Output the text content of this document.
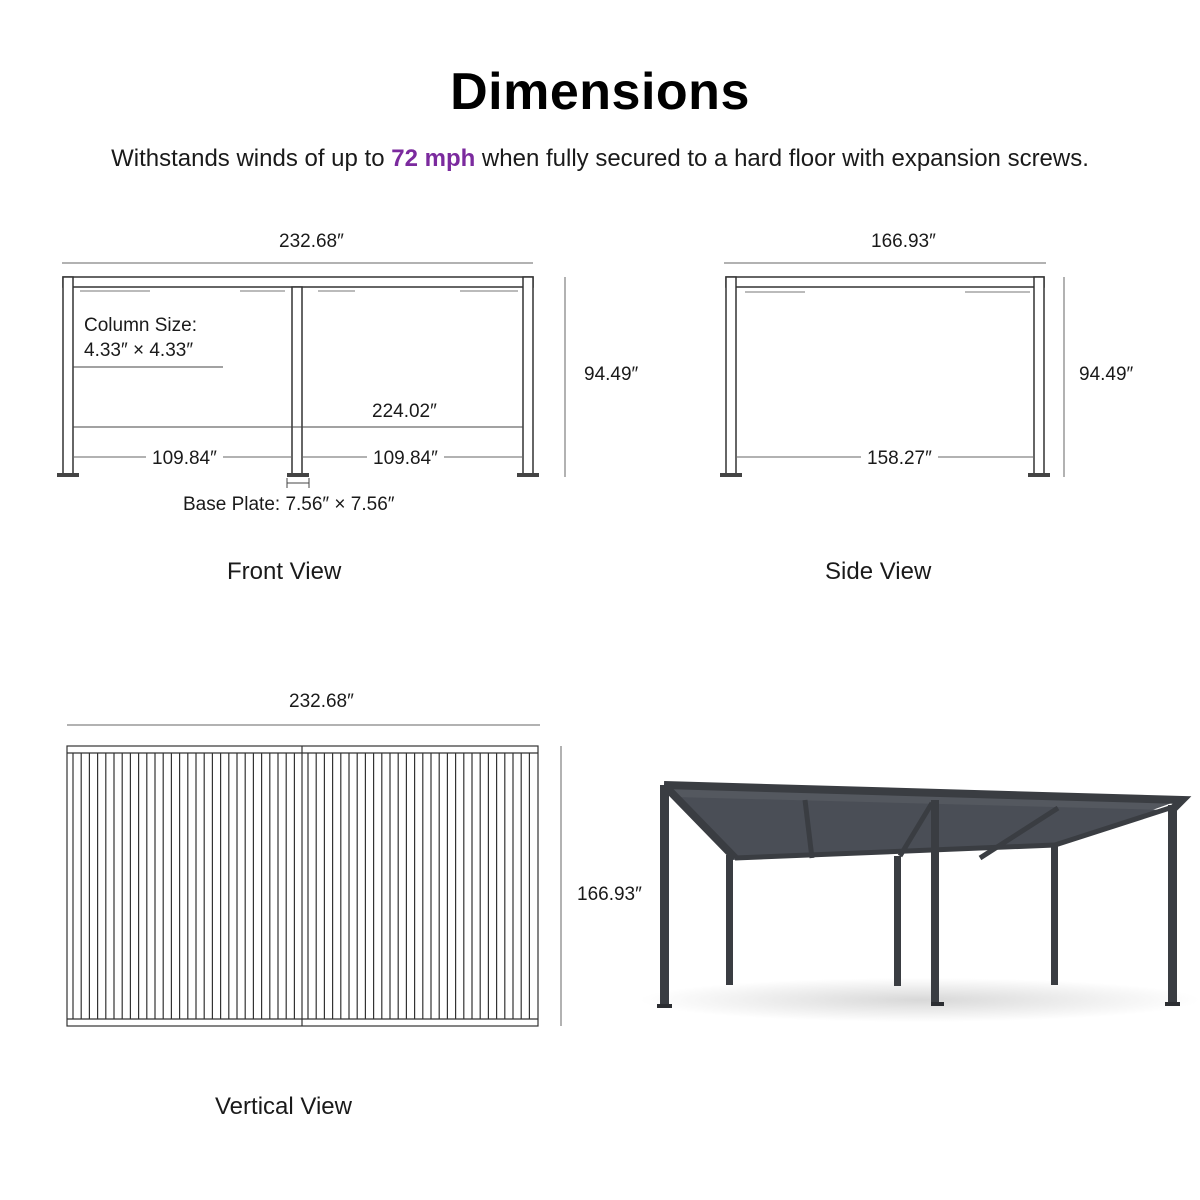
Dimensions
Withstands winds of up to 72 mph when fully secured to a hard floor with expansion screws.
232.68″
94.49″
Column Size:
4.33″ × 4.33″
224.02″
109.84″	109.84″
Base Plate: 7.56″ × 7.56″
Front View
166.93″
94.49″
158.27″
Side View
232.68″
166.93″
Vertical View
